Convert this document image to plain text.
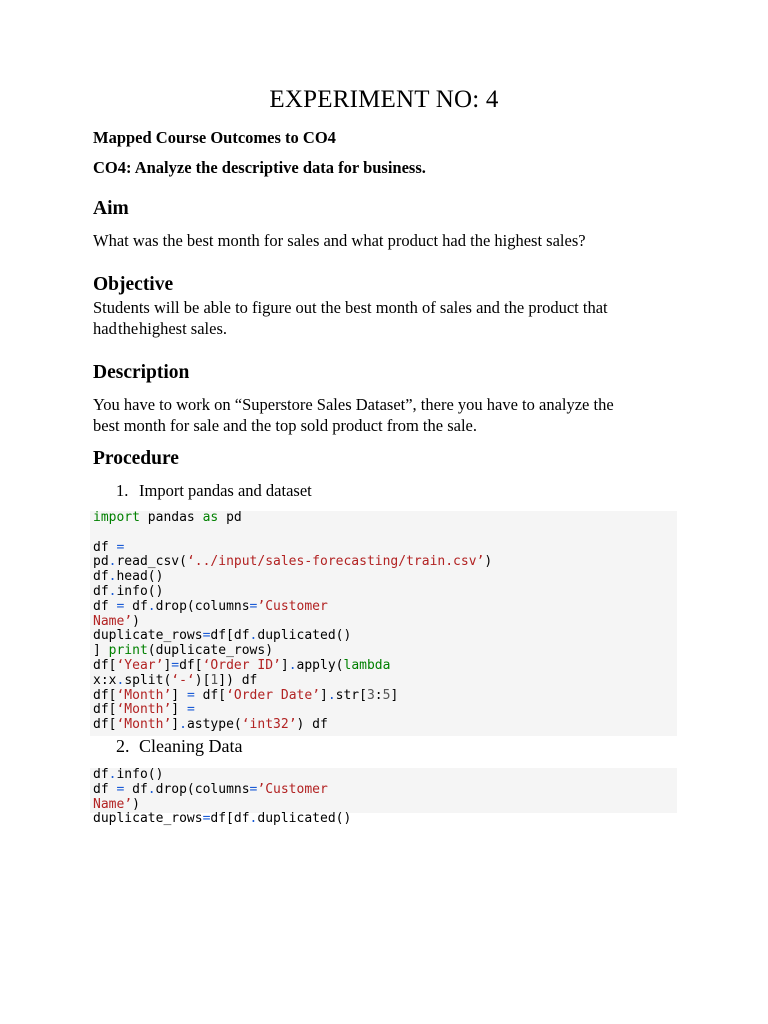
EXPERIMENT NO: 4
Mapped Course Outcomes to CO4
CO4: Analyze the descriptive data for business.
Aim
What was the best month for sales and what product had the highest sales?
Objective
Students will be able to figure out the best month of sales and the product that
had the highest sales.
Description
You have to work on “Superstore Sales Dataset”, there you have to analyze the
best month for sale and the top sold product from the sale.
Procedure
1. Import pandas and dataset
import pandas as pd

df =
pd.read_csv(‘../input/sales-forecasting/train.csv’)
df.head()
df.info()
df = df.drop(columns=’Customer
Name’)
duplicate_rows=df[df.duplicated()
] print(duplicate_rows)
df[‘Year’]=df[‘Order ID’].apply(lambda
x:x.split(‘-‘)[1]) df
df[‘Month’] = df[‘Order Date’].str[3:5]
df[‘Month’] =
df[‘Month’].astype(‘int32’) df

2. Cleaning Data
df.info()
df = df.drop(columns=’Customer
Name’)
duplicate_rows=df[df.duplicated()
